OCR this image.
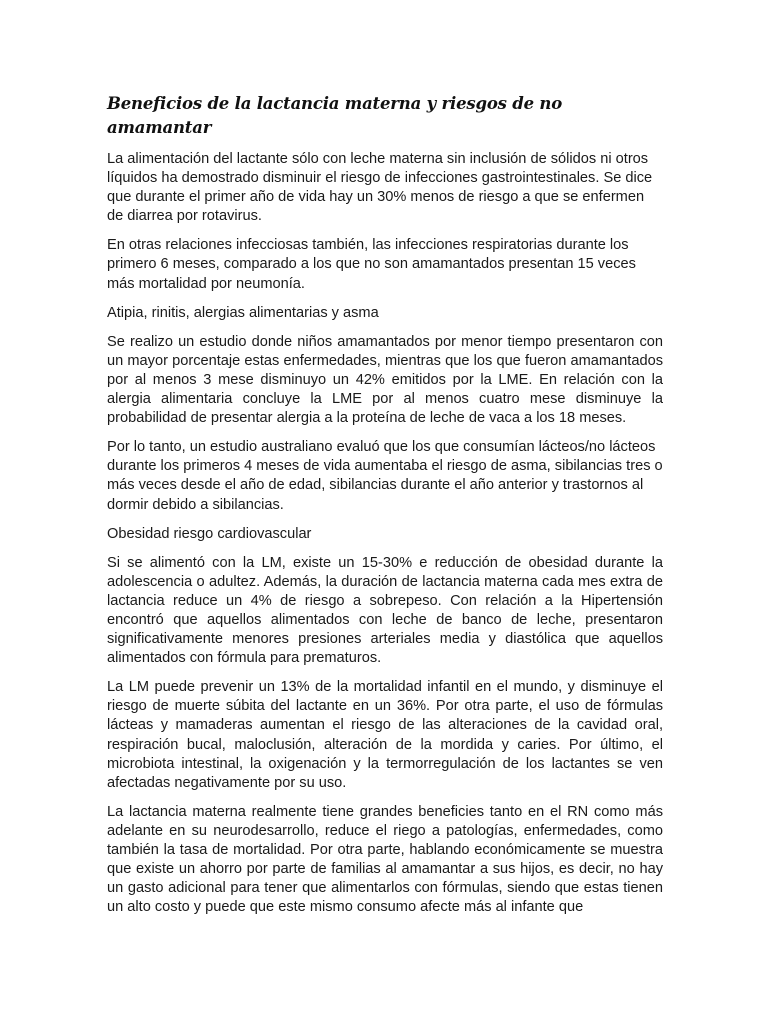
Beneficios de la lactancia materna y riesgos de no amamantar

La alimentación del lactante sólo con leche materna sin inclusión de sólidos ni otros líquidos ha demostrado disminuir el riesgo de infecciones gastrointestinales. Se dice que durante el primer año de vida hay un 30% menos de riesgo a que se enfermen de diarrea por rotavirus.

En otras relaciones infecciosas también, las infecciones respiratorias durante los primero 6 meses, comparado a los que no son amamantados presentan 15 veces más mortalidad por neumonía.

Atipia, rinitis, alergias alimentarias y asma

Se realizo un estudio donde niños amamantados por menor tiempo presentaron con un mayor porcentaje estas enfermedades, mientras que los que fueron amamantados por al menos 3 mese disminuyo un 42% emitidos por la LME. En relación con la alergia alimentaria concluye la LME por al menos cuatro mese disminuye la probabilidad de presentar alergia a la proteína de leche de vaca a los 18 meses.

Por lo tanto, un estudio australiano evaluó que los que consumían lácteos/no lácteos durante los primeros 4 meses de vida aumentaba el riesgo de asma, sibilancias tres o más veces desde el año de edad, sibilancias durante el año anterior y trastornos al dormir debido a sibilancias.

Obesidad riesgo cardiovascular

Si se alimentó con la LM, existe un 15-30% e reducción de obesidad durante la adolescencia o adultez. Además, la duración de lactancia materna cada mes extra de lactancia reduce un 4% de riesgo a sobrepeso. Con relación a la Hipertensión encontró que aquellos alimentados con leche de banco de leche, presentaron significativamente menores presiones arteriales media y diastólica que aquellos alimentados con fórmula para prematuros.

La LM puede prevenir un 13% de la mortalidad infantil en el mundo, y disminuye el riesgo de muerte súbita del lactante en un 36%. Por otra parte, el uso de fórmulas lácteas y mamaderas aumentan el riesgo de las alteraciones de la cavidad oral, respiración bucal, maloclusión, alteración de la mordida y caries. Por último, el microbiota intestinal, la oxigenación y la termorregulación de los lactantes se ven afectadas negativamente por su uso.

La lactancia materna realmente tiene grandes beneficies tanto en el RN como más adelante en su neurodesarrollo, reduce el riego a patologías, enfermedades, como también la tasa de mortalidad. Por otra parte, hablando económicamente se muestra que existe un ahorro por parte de familias al amamantar a sus hijos, es decir, no hay un gasto adicional para tener que alimentarlos con fórmulas, siendo que estas tienen un alto costo y puede que este mismo consumo afecte más al infante que
